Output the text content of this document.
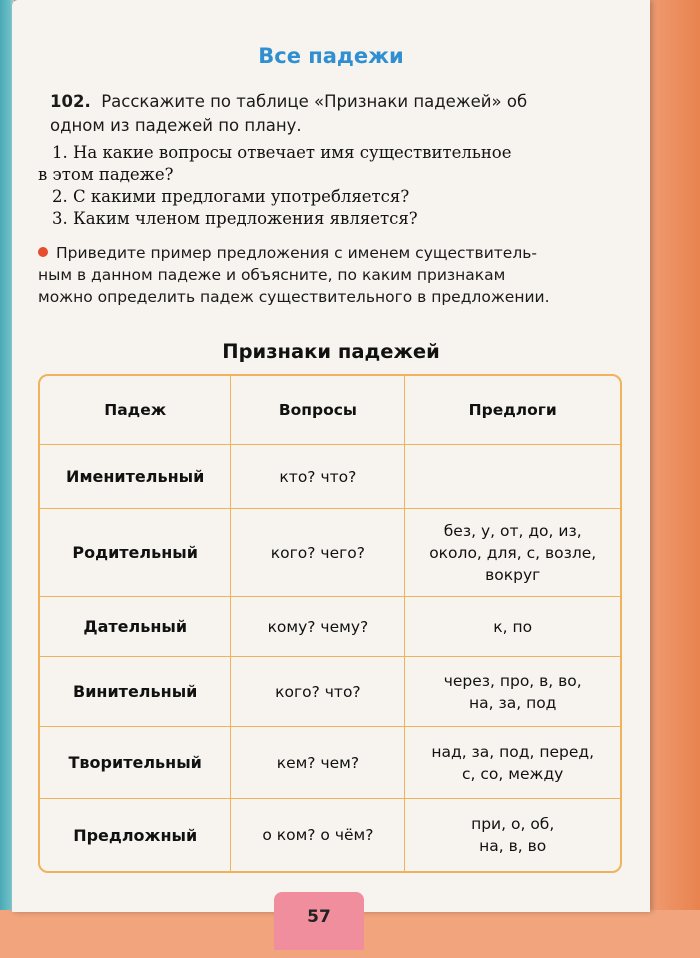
Все падежи
102. Расскажите по таблице «Признаки падежей» об
одном из падежей по плану.

1. На какие вопросы отвечает имя существительное

в этом падеже?

2. С какими предлогами употребляется?

3. Каким членом предложения является?

Приведите пример предложения с именем существитель-
ным в данном падеже и объясните, по каким признакам
можно определить падеж существительного в предложении.
Признаки падежей
Падеж	Вопросы	Предлоги
Именительный	кто? что?	
Родительный	кого? чего?	без, у, от, до, из,
около, для, с, возле,
вокруг

Дательный	кому? чему?	к, по

Винительный	кого? что?	через, про, в, во,
на, за, под

Творительный	кем? чем?	над, за, под, перед,
с, со, между

Предложный	о ком? о чём?	при, о, об,
на, в, во
57
